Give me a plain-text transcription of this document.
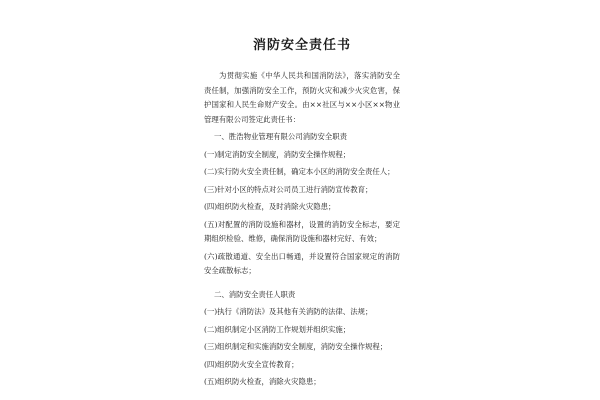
消防安全责任书

为贯彻实施《中华人民共和国消防法》，落实消防安全责任制，加强消防安全工作，预防火灾和减少火灾危害，保护国家和人民生命财产安全。由××社区与××小区××物业管理有限公司签定此责任书：

一、胜浩物业管理有限公司消防安全职责

(一)制定消防安全制度，消防安全操作规程；

(二)实行防火安全责任制，确定本小区的消防安全责任人；

(三)针对小区的特点对公司员工进行消防宣传教育；

(四)组织防火检查，及时消除火灾隐患；

(五)对配置的消防设施和器材，设置的消防安全标志，要定期组织检验、维修，确保消防设施和器材完好、有效；

(六)疏散通道、安全出口畅通，并设置符合国家规定的消防安全疏散标志；

二、消防安全责任人职责

(一)执行《消防法》及其他有关消防的法律、法规；

(二)组织制定小区消防工作规划并组织实施；

(三)组织制定和实施消防安全制度，消防安全操作规程；

(四)组织防火安全宣传教育；

(五)组织防火检查，消除火灾隐患；
